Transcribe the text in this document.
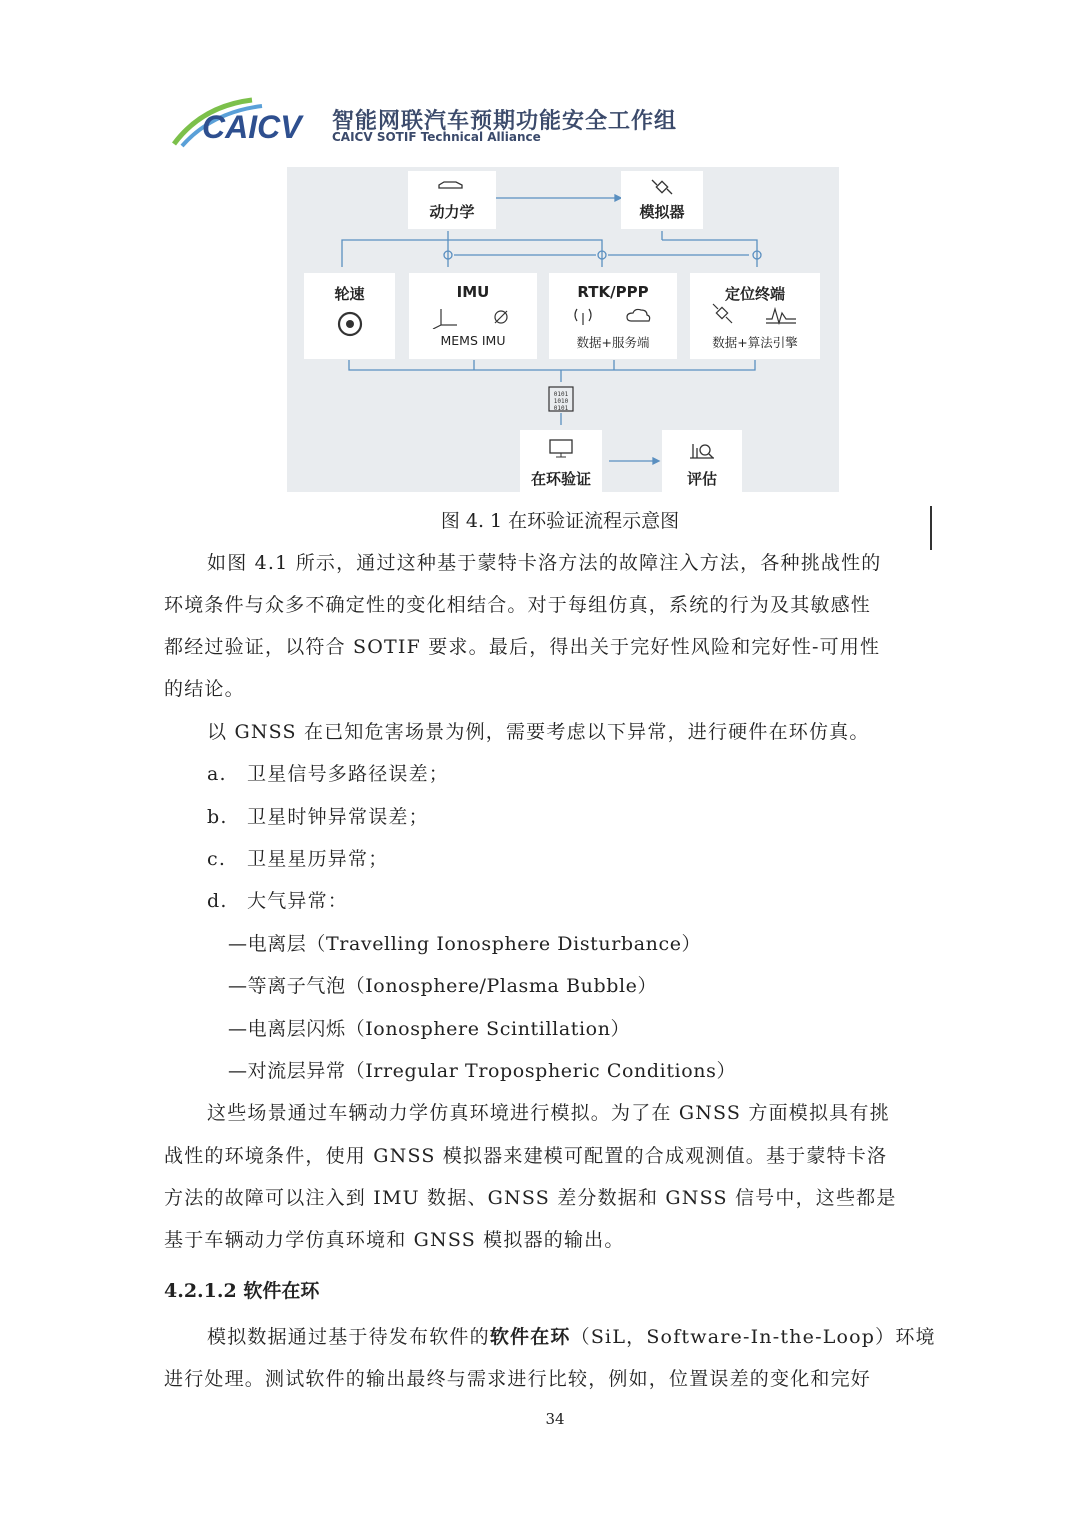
CAICV 智能网联汽车预期功能安全工作组
CAICV SOTIF Technical Alliance
0101
1010
0101
动力学	模拟器
轮速	IMU
MEMS IMU
RTK/PPP
数据+服务端
定位终端
数据+算法引擎
在环验证	评估
图 4. 1 在环验证流程示意图
如图 4.1 所示，通过这种基于蒙特卡洛方法的故障注入方法，各种挑战性的
环境条件与众多不确定性的变化相结合。对于每组仿真，系统的行为及其敏感性
都经过验证，以符合 SOTIF 要求。最后，得出关于完好性风险和完好性-可用性
的结论。
以 GNSS 在已知危害场景为例，需要考虑以下异常，进行硬件在环仿真。
a. 卫星信号多路径误差；
b. 卫星时钟异常误差；
c. 卫星星历异常；
d. 大气异常：
—电离层（Travelling Ionosphere Disturbance）
—等离子气泡（Ionosphere/Plasma Bubble）
—电离层闪烁（Ionosphere Scintillation）
—对流层异常（Irregular Tropospheric Conditions）
这些场景通过车辆动力学仿真环境进行模拟。为了在 GNSS 方面模拟具有挑
战性的环境条件，使用 GNSS 模拟器来建模可配置的合成观测值。基于蒙特卡洛
方法的故障可以注入到 IMU 数据、GNSS 差分数据和 GNSS 信号中，这些都是
基于车辆动力学仿真环境和 GNSS 模拟器的输出。
4.2.1.2 软件在环
模拟数据通过基于待发布软件的软件在环（SiL，Software-In-the-Loop）环境
进行处理。测试软件的输出最终与需求进行比较，例如，位置误差的变化和完好
34
